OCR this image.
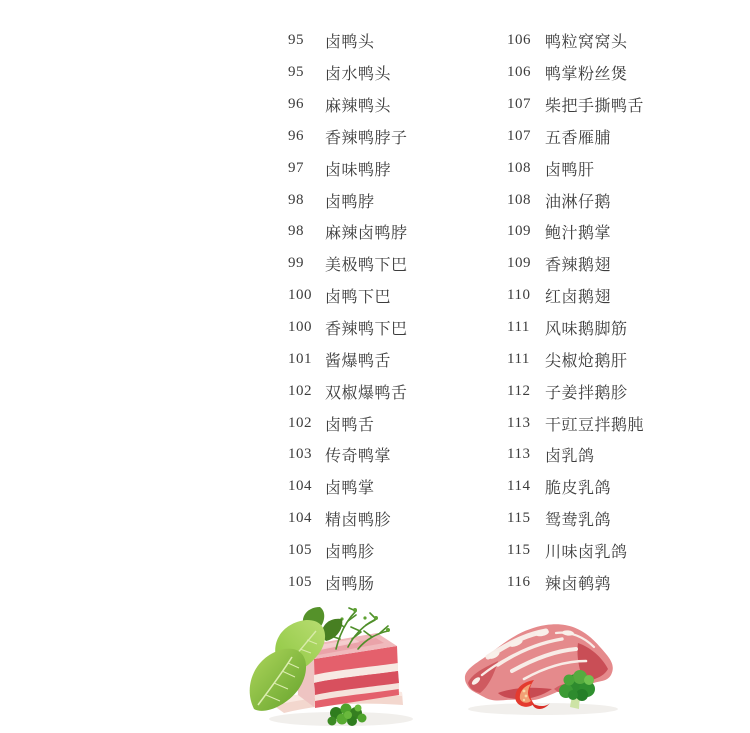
95	卤鸭头
95	卤水鸭头
96	麻辣鸭头
96	香辣鸭脖子
97	卤味鸭脖
98	卤鸭脖
98	麻辣卤鸭脖
99	美极鸭下巴
100 卤鸭下巴
100 香辣鸭下巴
101 酱爆鸭舌
102 双椒爆鸭舌
102 卤鸭舌
103 传奇鸭掌
104 卤鸭掌
104 精卤鸭胗
105 卤鸭胗
105 卤鸭肠
106 鸭粒窝窝头
106 鸭掌粉丝煲
107 柴把手撕鸭舌
107 五香雁脯
108 卤鸭肝
108 油淋仔鹅
109 鲍汁鹅掌
109 香辣鹅翅
110 红卤鹅翅
111 风味鹅脚筋
111 尖椒炝鹅肝
112 子姜拌鹅胗
113 干豇豆拌鹅肫
113 卤乳鸽
114 脆皮乳鸽
115 鸳鸯乳鸽
115 川味卤乳鸽
116 辣卤鹌鹑
